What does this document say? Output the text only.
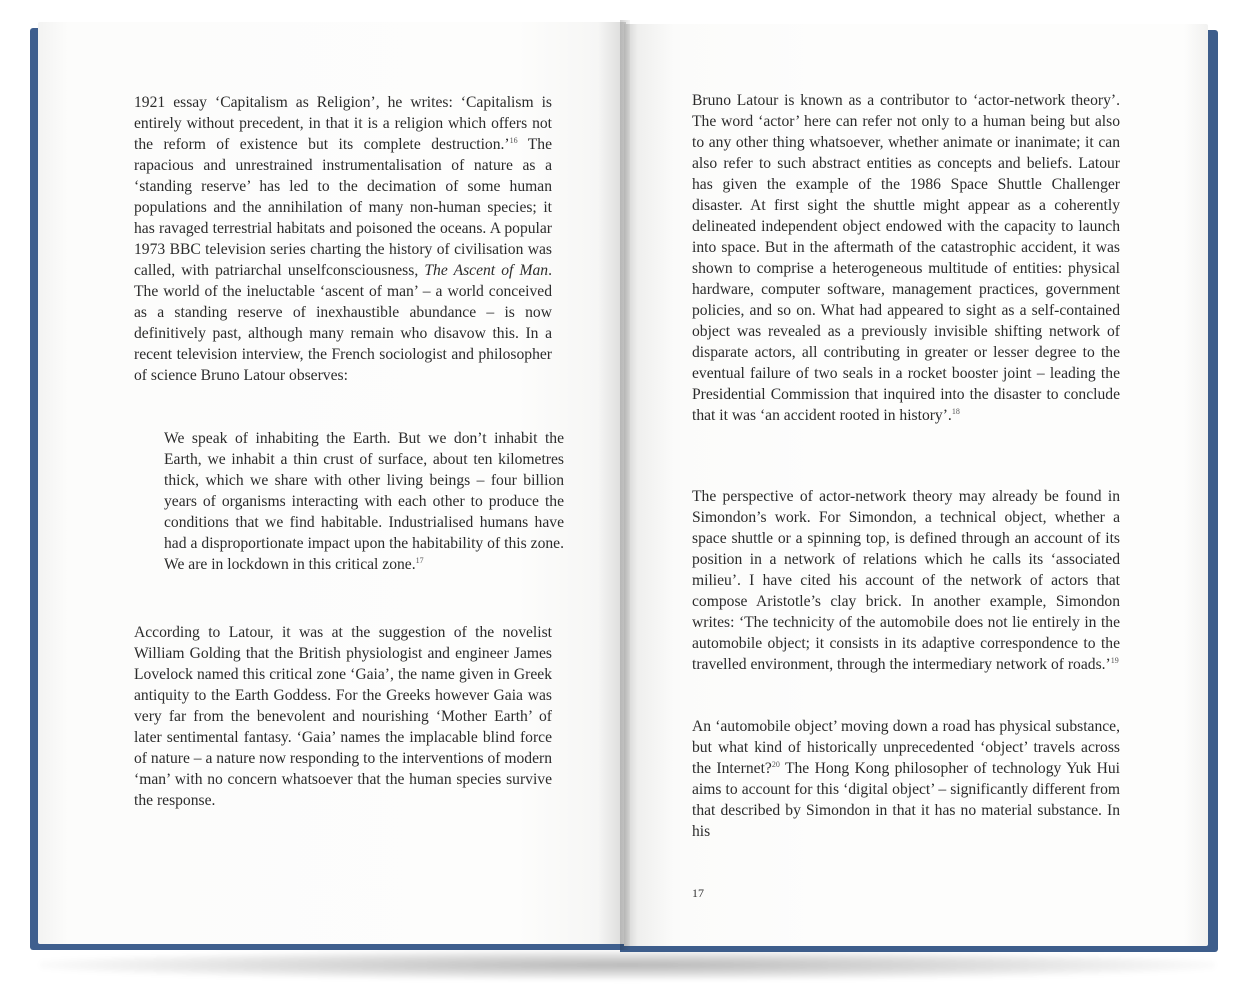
1921 essay ‘Capitalism as Religion’, he writes: ‘Capitalism is entirely without precedent, in that it is a religion which offers not the reform of existence but its complete destruction.’$^{16}$ The rapacious and unrestrained instrumentalisation of nature as a ‘standing reserve’ has led to the decimation of some human populations and the annihilation of many non-human species; it has ravaged terrestrial habitats and poisoned the oceans. A popular 1973 BBC television series charting the history of civilisation was called, with patriarchal unselfconsciousness, The Ascent of Man. The world of the ineluctable ‘ascent of man’ – a world conceived as a standing reserve of inexhaustible abundance – is now definitively past, although many remain who disavow this. In a recent television interview, the French sociologist and philosopher of science Bruno Latour observes:

We speak of inhabiting the Earth. But we don’t inhabit the Earth, we inhabit a thin crust of surface, about ten kilometres thick, which we share with other living beings – four billion years of organisms interacting with each other to produce the conditions that we find habitable. Industrialised humans have had a disproportionate impact upon the habitability of this zone. We are in lockdown in this critical zone.$^{17}$

According to Latour, it was at the suggestion of the novelist William Golding that the British physiologist and engineer James Lovelock named this critical zone ‘Gaia’, the name given in Greek antiquity to the Earth Goddess. For the Greeks however Gaia was very far from the benevolent and nourishing ‘Mother Earth’ of later sentimental fantasy. ‘Gaia’ names the implacable blind force of nature – a nature now responding to the interventions of modern ‘man’ with no concern whatsoever that the human species survive the response.

Bruno Latour is known as a contributor to ‘actor-network theory’. The word ‘actor’ here can refer not only to a human being but also to any other thing whatsoever, whether animate or inanimate; it can also refer to such abstract entities as concepts and beliefs. Latour has given the example of the 1986 Space Shuttle Challenger disaster. At first sight the shuttle might appear as a coherently delineated independent object endowed with the capacity to launch into space. But in the aftermath of the catastrophic accident, it was shown to comprise a heterogeneous multitude of entities: physical hardware, computer software, management practices, government policies, and so on. What had appeared to sight as a self-contained object was revealed as a previously invisible shifting network of disparate actors, all contributing in greater or lesser degree to the eventual failure of two seals in a rocket booster joint – leading the Presidential Commission that inquired into the disaster to conclude that it was ‘an accident rooted in history’.$^{18}$

The perspective of actor-network theory may already be found in Simondon’s work. For Simondon, a technical object, whether a space shuttle or a spinning top, is defined through an account of its position in a network of relations which he calls its ‘associated milieu’. I have cited his account of the network of actors that compose Aristotle’s clay brick. In another example, Simondon writes: ‘The technicity of the automobile does not lie entirely in the automobile object; it consists in its adaptive correspondence to the travelled environment, through the intermediary network of roads.’$^{19}$

An ‘automobile object’ moving down a road has physical substance, but what kind of historically unprecedented ‘object’ travels across the Internet?$^{20}$ The Hong Kong philosopher of technology Yuk Hui aims to account for this ‘digital object’ – significantly different from that described by Simondon in that it has no material substance. In his

17
